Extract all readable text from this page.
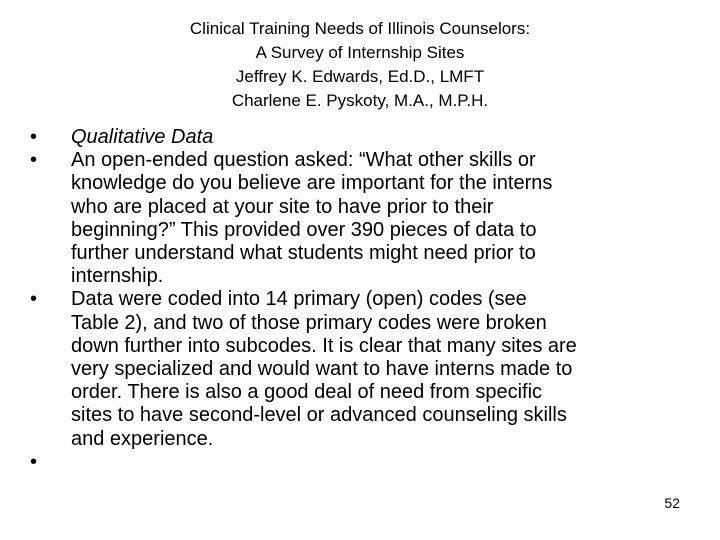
Clinical Training Needs of Illinois Counselors:
A Survey of Internship Sites
Jeffrey K. Edwards, Ed.D., LMFT
Charlene E. Pyskoty, M.A., M.P.H.
• Qualitative Data
• An open-ended question asked: “What other skills or
knowledge do you believe are important for the interns
who are placed at your site to have prior to their
beginning?” This provided over 390 pieces of data to
further understand what students might need prior to
internship.
• Data were coded into 14 primary (open) codes (see
Table 2), and two of those primary codes were broken
down further into subcodes. It is clear that many sites are
very specialized and would want to have interns made to
order. There is also a good deal of need from specific
sites to have second-level or advanced counseling skills
and experience.
•
52
